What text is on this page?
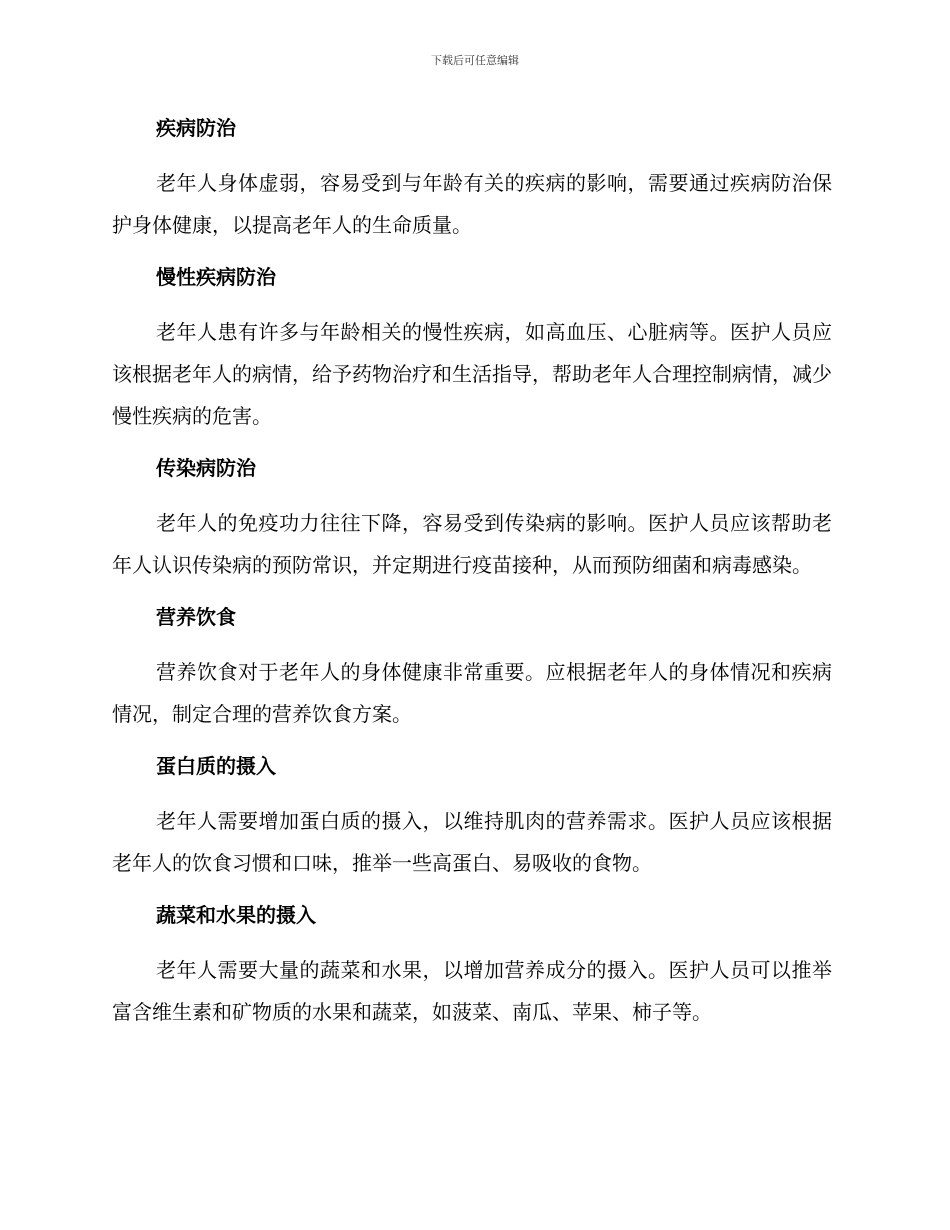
下载后可任意编辑
疾病防治
老年人身体虚弱，容易受到与年龄有关的疾病的影响，需要通过疾病防治保护身体健康，以提高老年人的生命质量。
慢性疾病防治
老年人患有许多与年龄相关的慢性疾病，如高血压、心脏病等。医护人员应该根据老年人的病情，给予药物治疗和生活指导，帮助老年人合理控制病情，减少慢性疾病的危害。
传染病防治
老年人的免疫功力往往下降，容易受到传染病的影响。医护人员应该帮助老年人认识传染病的预防常识，并定期进行疫苗接种，从而预防细菌和病毒感染。
营养饮食
营养饮食对于老年人的身体健康非常重要。应根据老年人的身体情况和疾病情况，制定合理的营养饮食方案。
蛋白质的摄入
老年人需要增加蛋白质的摄入，以维持肌肉的营养需求。医护人员应该根据老年人的饮食习惯和口味，推举一些高蛋白、易吸收的食物。
蔬菜和水果的摄入
老年人需要大量的蔬菜和水果，以增加营养成分的摄入。医护人员可以推举富含维生素和矿物质的水果和蔬菜，如菠菜、南瓜、苹果、柿子等。
